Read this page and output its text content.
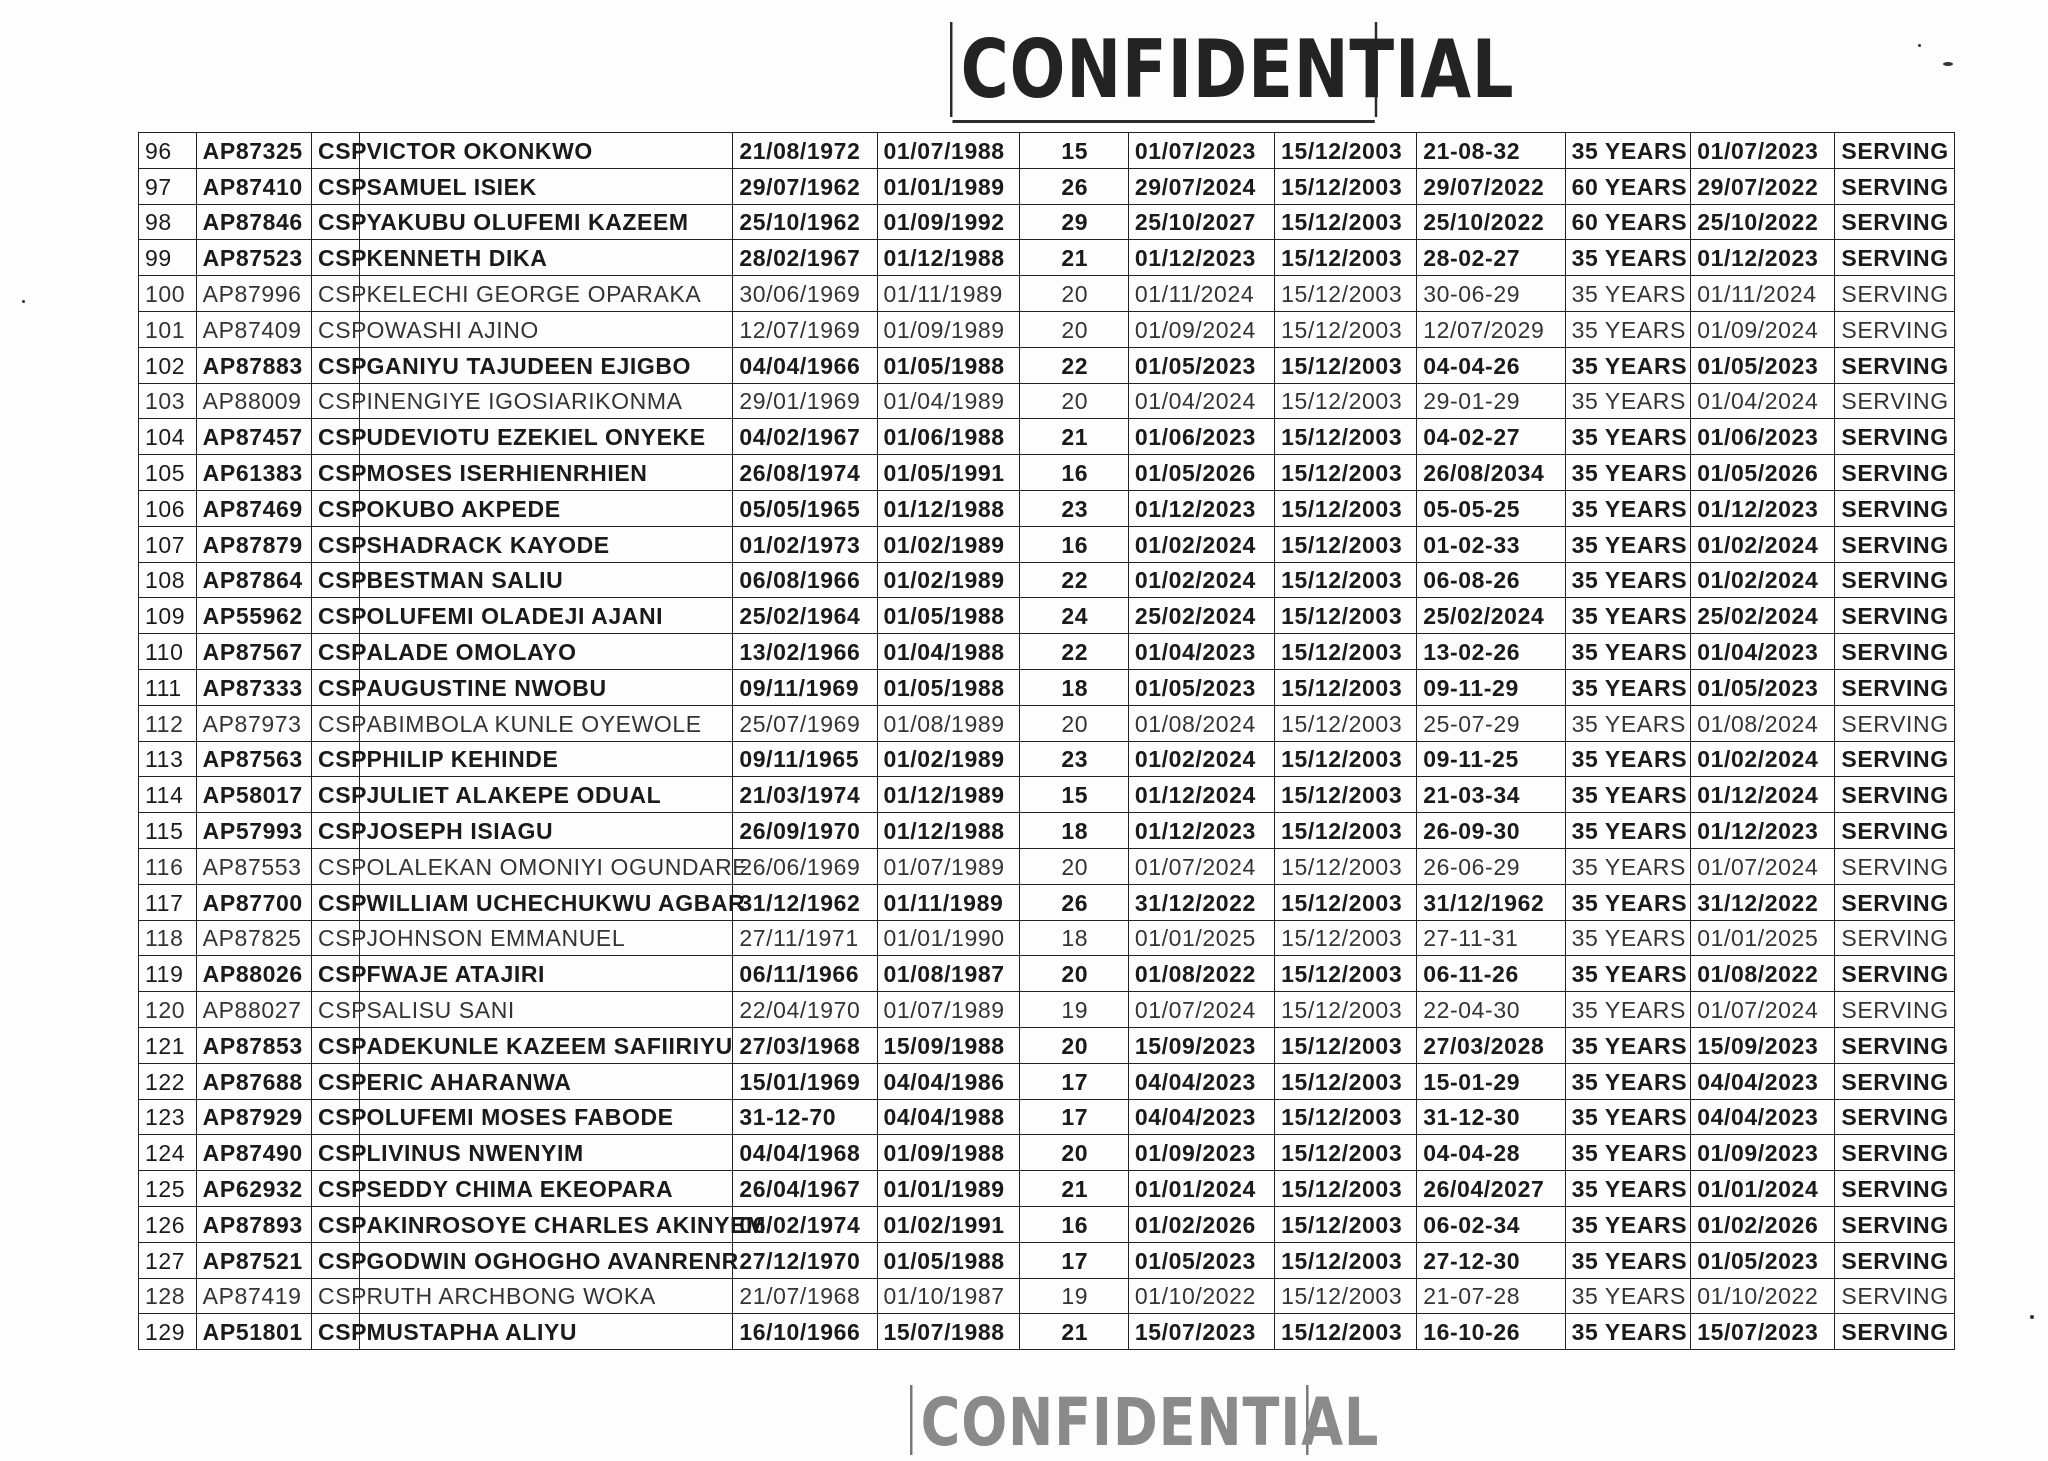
CONFIDENTIAL
CONFIDENTIAL
96	AP87325	CSP	VICTOR OKONKWO	21/08/1972	01/07/1988	15	01/07/2023	15/12/2003	21-08-32	35 YEARS	01/07/2023	SERVING
97	AP87410	CSP	SAMUEL ISIEK	29/07/1962	01/01/1989	26	29/07/2024	15/12/2003	29/07/2022	60 YEARS	29/07/2022	SERVING
98	AP87846	CSP	YAKUBU OLUFEMI KAZEEM	25/10/1962	01/09/1992	29	25/10/2027	15/12/2003	25/10/2022	60 YEARS	25/10/2022	SERVING
99	AP87523	CSP	KENNETH DIKA	28/02/1967	01/12/1988	21	01/12/2023	15/12/2003	28-02-27	35 YEARS	01/12/2023	SERVING
100	AP87996	CSP	KELECHI GEORGE OPARAKA	30/06/1969	01/11/1989	20	01/11/2024	15/12/2003	30-06-29	35 YEARS	01/11/2024	SERVING
101	AP87409	CSP	OWASHI AJINO	12/07/1969	01/09/1989	20	01/09/2024	15/12/2003	12/07/2029	35 YEARS	01/09/2024	SERVING
102	AP87883	CSP	GANIYU TAJUDEEN EJIGBO	04/04/1966	01/05/1988	22	01/05/2023	15/12/2003	04-04-26	35 YEARS	01/05/2023	SERVING
103	AP88009	CSP	INENGIYE IGOSIARIKONMA	29/01/1969	01/04/1989	20	01/04/2024	15/12/2003	29-01-29	35 YEARS	01/04/2024	SERVING
104	AP87457	CSP	UDEVIOTU EZEKIEL ONYEKE	04/02/1967	01/06/1988	21	01/06/2023	15/12/2003	04-02-27	35 YEARS	01/06/2023	SERVING
105	AP61383	CSP	MOSES ISERHIENRHIEN	26/08/1974	01/05/1991	16	01/05/2026	15/12/2003	26/08/2034	35 YEARS	01/05/2026	SERVING
106	AP87469	CSP	OKUBO AKPEDE	05/05/1965	01/12/1988	23	01/12/2023	15/12/2003	05-05-25	35 YEARS	01/12/2023	SERVING
107	AP87879	CSP	SHADRACK KAYODE	01/02/1973	01/02/1989	16	01/02/2024	15/12/2003	01-02-33	35 YEARS	01/02/2024	SERVING
108	AP87864	CSP	BESTMAN SALIU	06/08/1966	01/02/1989	22	01/02/2024	15/12/2003	06-08-26	35 YEARS	01/02/2024	SERVING
109	AP55962	CSP	OLUFEMI OLADEJI AJANI	25/02/1964	01/05/1988	24	25/02/2024	15/12/2003	25/02/2024	35 YEARS	25/02/2024	SERVING
110	AP87567	CSP	ALADE OMOLAYO	13/02/1966	01/04/1988	22	01/04/2023	15/12/2003	13-02-26	35 YEARS	01/04/2023	SERVING
111	AP87333	CSP	AUGUSTINE NWOBU	09/11/1969	01/05/1988	18	01/05/2023	15/12/2003	09-11-29	35 YEARS	01/05/2023	SERVING
112	AP87973	CSP	ABIMBOLA KUNLE OYEWOLE	25/07/1969	01/08/1989	20	01/08/2024	15/12/2003	25-07-29	35 YEARS	01/08/2024	SERVING
113	AP87563	CSP	PHILIP KEHINDE	09/11/1965	01/02/1989	23	01/02/2024	15/12/2003	09-11-25	35 YEARS	01/02/2024	SERVING
114	AP58017	CSP	JULIET ALAKEPE ODUAL	21/03/1974	01/12/1989	15	01/12/2024	15/12/2003	21-03-34	35 YEARS	01/12/2024	SERVING
115	AP57993	CSP	JOSEPH ISIAGU	26/09/1970	01/12/1988	18	01/12/2023	15/12/2003	26-09-30	35 YEARS	01/12/2023	SERVING
116	AP87553	CSP	OLALEKAN OMONIYI OGUNDARE	26/06/1969	01/07/1989	20	01/07/2024	15/12/2003	26-06-29	35 YEARS	01/07/2024	SERVING
117	AP87700	CSP	WILLIAM UCHECHUKWU AGBAR	31/12/1962	01/11/1989	26	31/12/2022	15/12/2003	31/12/1962	35 YEARS	31/12/2022	SERVING
118	AP87825	CSP	JOHNSON EMMANUEL	27/11/1971	01/01/1990	18	01/01/2025	15/12/2003	27-11-31	35 YEARS	01/01/2025	SERVING
119	AP88026	CSP	FWAJE ATAJIRI	06/11/1966	01/08/1987	20	01/08/2022	15/12/2003	06-11-26	35 YEARS	01/08/2022	SERVING
120	AP88027	CSP	SALISU SANI	22/04/1970	01/07/1989	19	01/07/2024	15/12/2003	22-04-30	35 YEARS	01/07/2024	SERVING
121	AP87853	CSP	ADEKUNLE KAZEEM SAFIIRIYU	27/03/1968	15/09/1988	20	15/09/2023	15/12/2003	27/03/2028	35 YEARS	15/09/2023	SERVING
122	AP87688	CSP	ERIC AHARANWA	15/01/1969	04/04/1986	17	04/04/2023	15/12/2003	15-01-29	35 YEARS	04/04/2023	SERVING
123	AP87929	CSP	OLUFEMI MOSES FABODE	31-12-70	04/04/1988	17	04/04/2023	15/12/2003	31-12-30	35 YEARS	04/04/2023	SERVING
124	AP87490	CSP	LIVINUS NWENYIM	04/04/1968	01/09/1988	20	01/09/2023	15/12/2003	04-04-28	35 YEARS	01/09/2023	SERVING
125	AP62932	CSP	SEDDY CHIMA EKEOPARA	26/04/1967	01/01/1989	21	01/01/2024	15/12/2003	26/04/2027	35 YEARS	01/01/2024	SERVING
126	AP87893	CSP	AKINROSOYE CHARLES AKINYEM	06/02/1974	01/02/1991	16	01/02/2026	15/12/2003	06-02-34	35 YEARS	01/02/2026	SERVING
127	AP87521	CSP	GODWIN OGHOGHO AVANRENR	27/12/1970	01/05/1988	17	01/05/2023	15/12/2003	27-12-30	35 YEARS	01/05/2023	SERVING
128	AP87419	CSP	RUTH ARCHBONG WOKA	21/07/1968	01/10/1987	19	01/10/2022	15/12/2003	21-07-28	35 YEARS	01/10/2022	SERVING
129	AP51801	CSP	MUSTAPHA ALIYU	16/10/1966	15/07/1988	21	15/07/2023	15/12/2003	16-10-26	35 YEARS	15/07/2023	SERVING
